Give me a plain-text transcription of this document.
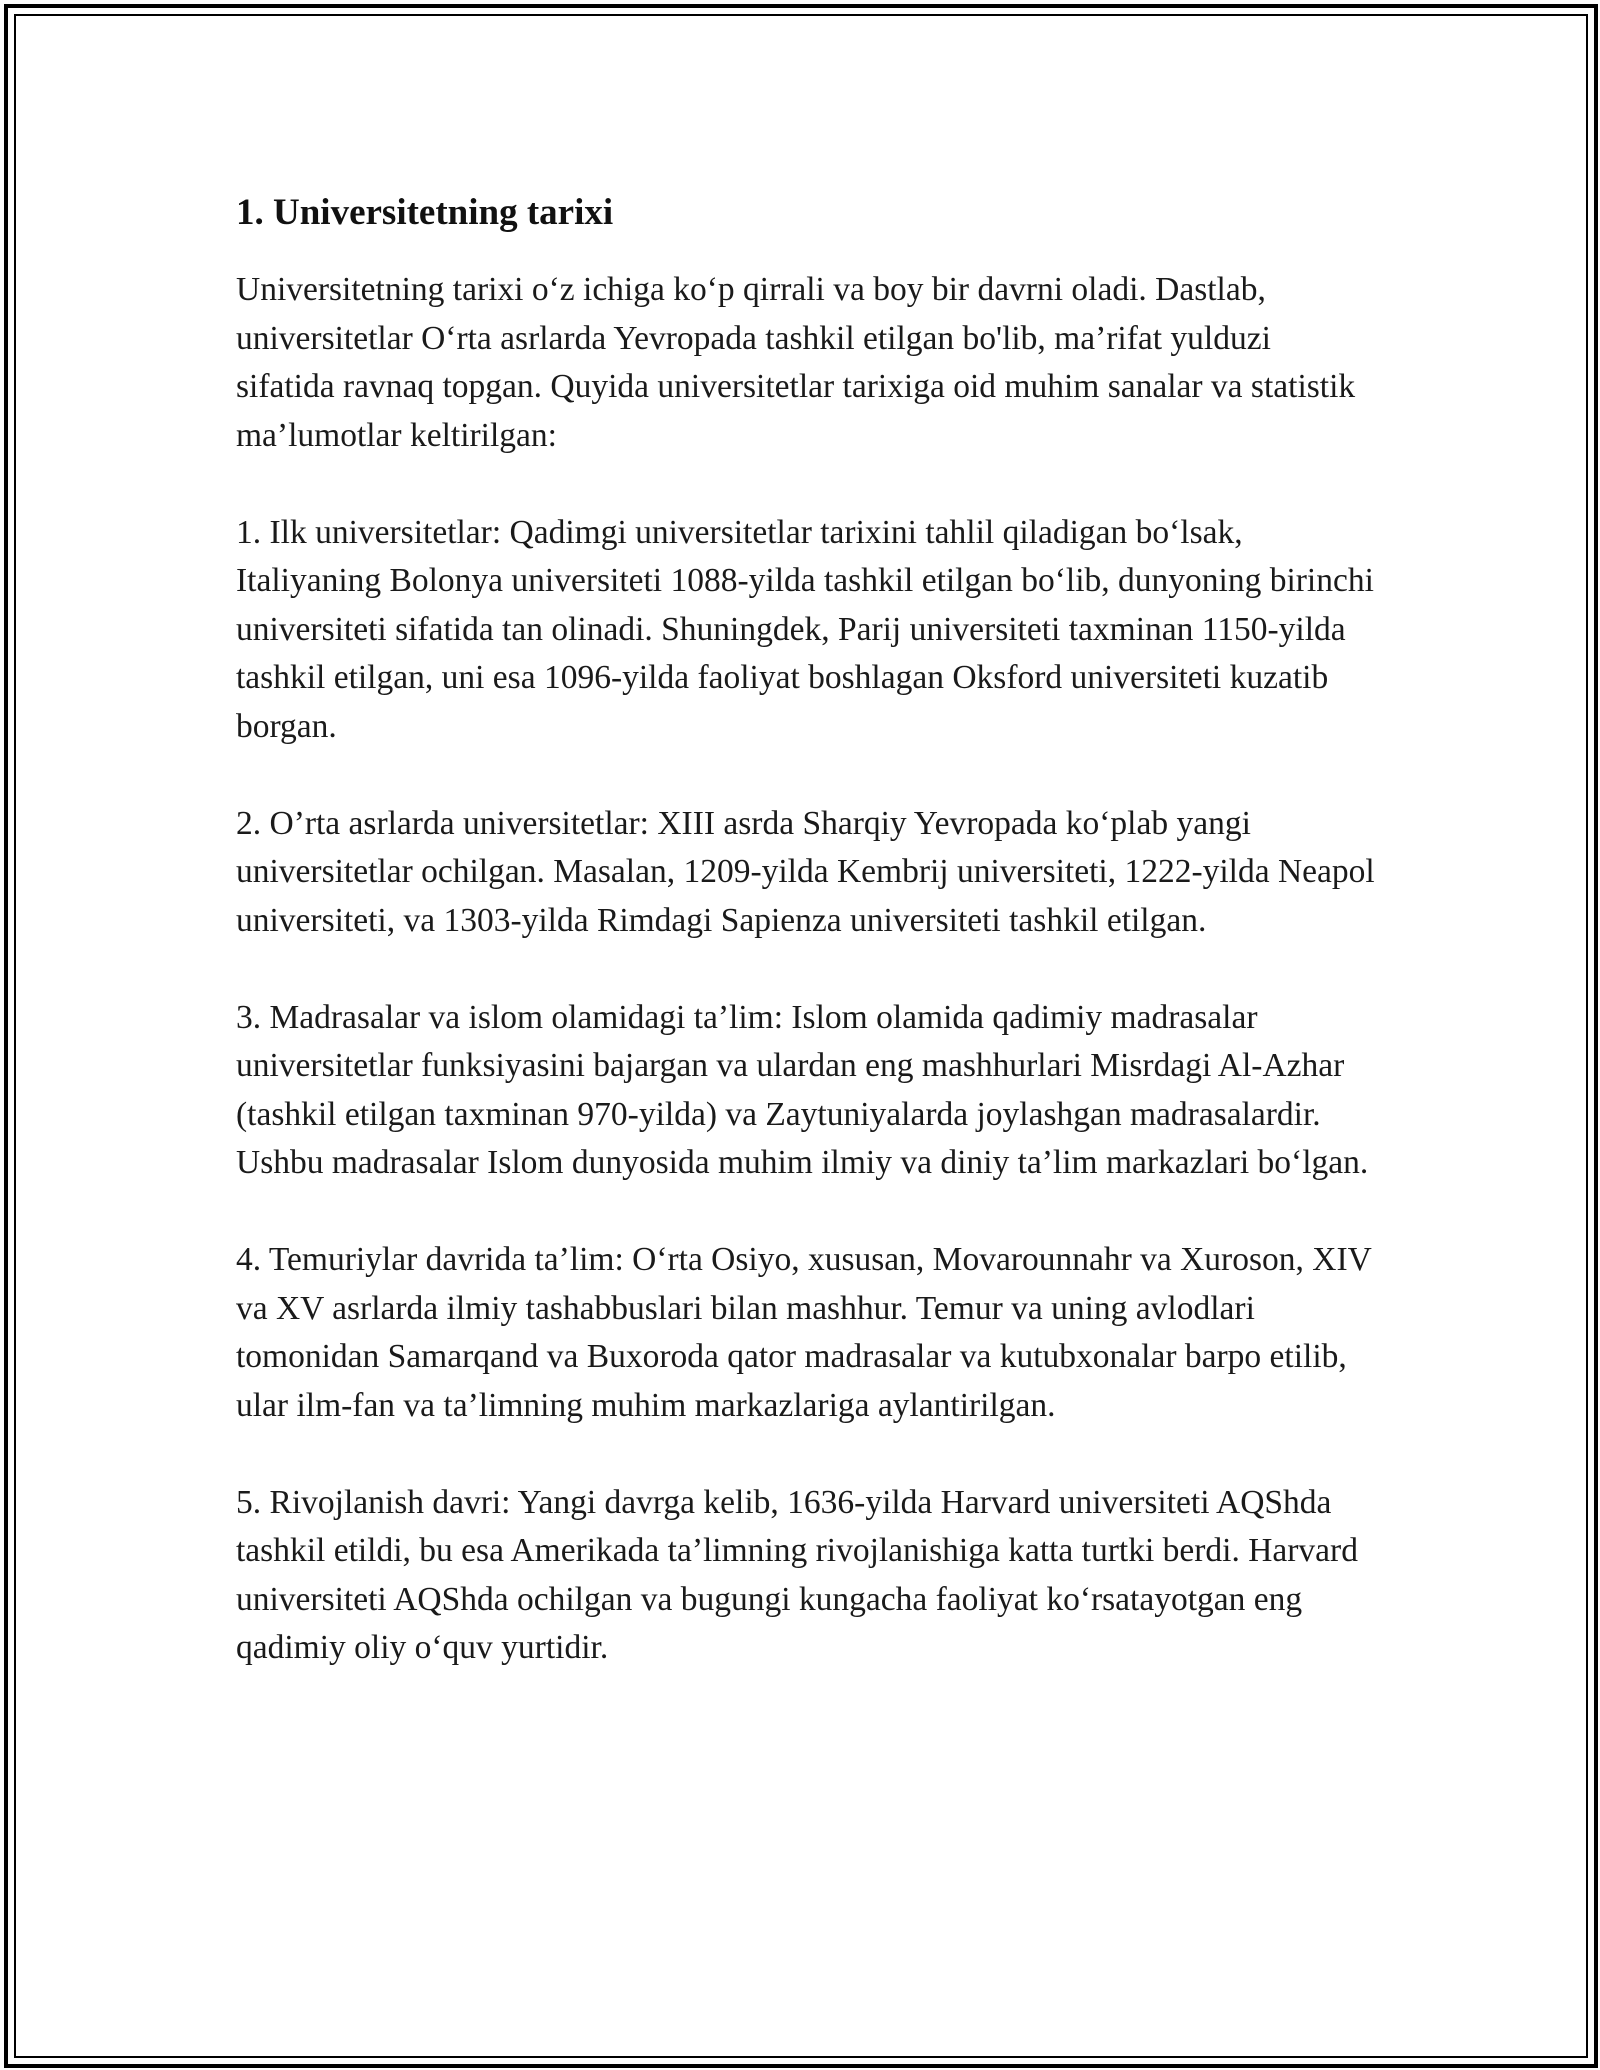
1. Universitetning tarixi
Universitetning tarixi o‘z ichiga ko‘p qirrali va boy bir davrni oladi. Dastlab, universitetlar O‘rta asrlarda Yevropada tashkil etilgan bo'lib, ma’rifat yulduzi sifatida ravnaq topgan. Quyida universitetlar tarixiga oid muhim sanalar va statistik ma’lumotlar keltirilgan:
1. Ilk universitetlar: Qadimgi universitetlar tarixini tahlil qiladigan bo‘lsak, Italiyaning Bolonya universiteti 1088-yilda tashkil etilgan bo‘lib, dunyoning birinchi universiteti sifatida tan olinadi. Shuningdek, Parij universiteti taxminan 1150-yilda tashkil etilgan, uni esa 1096-yilda faoliyat boshlagan Oksford universiteti kuzatib borgan.
2. O’rta asrlarda universitetlar: XIII asrda Sharqiy Yevropada ko‘plab yangi universitetlar ochilgan. Masalan, 1209-yilda Kembrij universiteti, 1222-yilda Neapol universiteti, va 1303-yilda Rimdagi Sapienza universiteti tashkil etilgan.
3. Madrasalar va islom olamidagi ta’lim: Islom olamida qadimiy madrasalar universitetlar funksiyasini bajargan va ulardan eng mashhurlari Misrdagi Al-Azhar (tashkil etilgan taxminan 970-yilda) va Zaytuniyalarda joylashgan madrasalardir. Ushbu madrasalar Islom dunyosida muhim ilmiy va diniy ta’lim markazlari bo‘lgan.
4. Temuriylar davrida ta’lim: O‘rta Osiyo, xususan, Movarounnahr va Xuroson, XIV va XV asrlarda ilmiy tashabbuslari bilan mashhur. Temur va uning avlodlari tomonidan Samarqand va Buxoroda qator madrasalar va kutubxonalar barpo etilib, ular ilm-fan va ta’limning muhim markazlariga aylantirilgan.
5. Rivojlanish davri: Yangi davrga kelib, 1636-yilda Harvard universiteti AQShda tashkil etildi, bu esa Amerikada ta’limning rivojlanishiga katta turtki berdi. Harvard universiteti AQShda ochilgan va bugungi kungacha faoliyat ko‘rsatayotgan eng qadimiy oliy o‘quv yurtidir.
